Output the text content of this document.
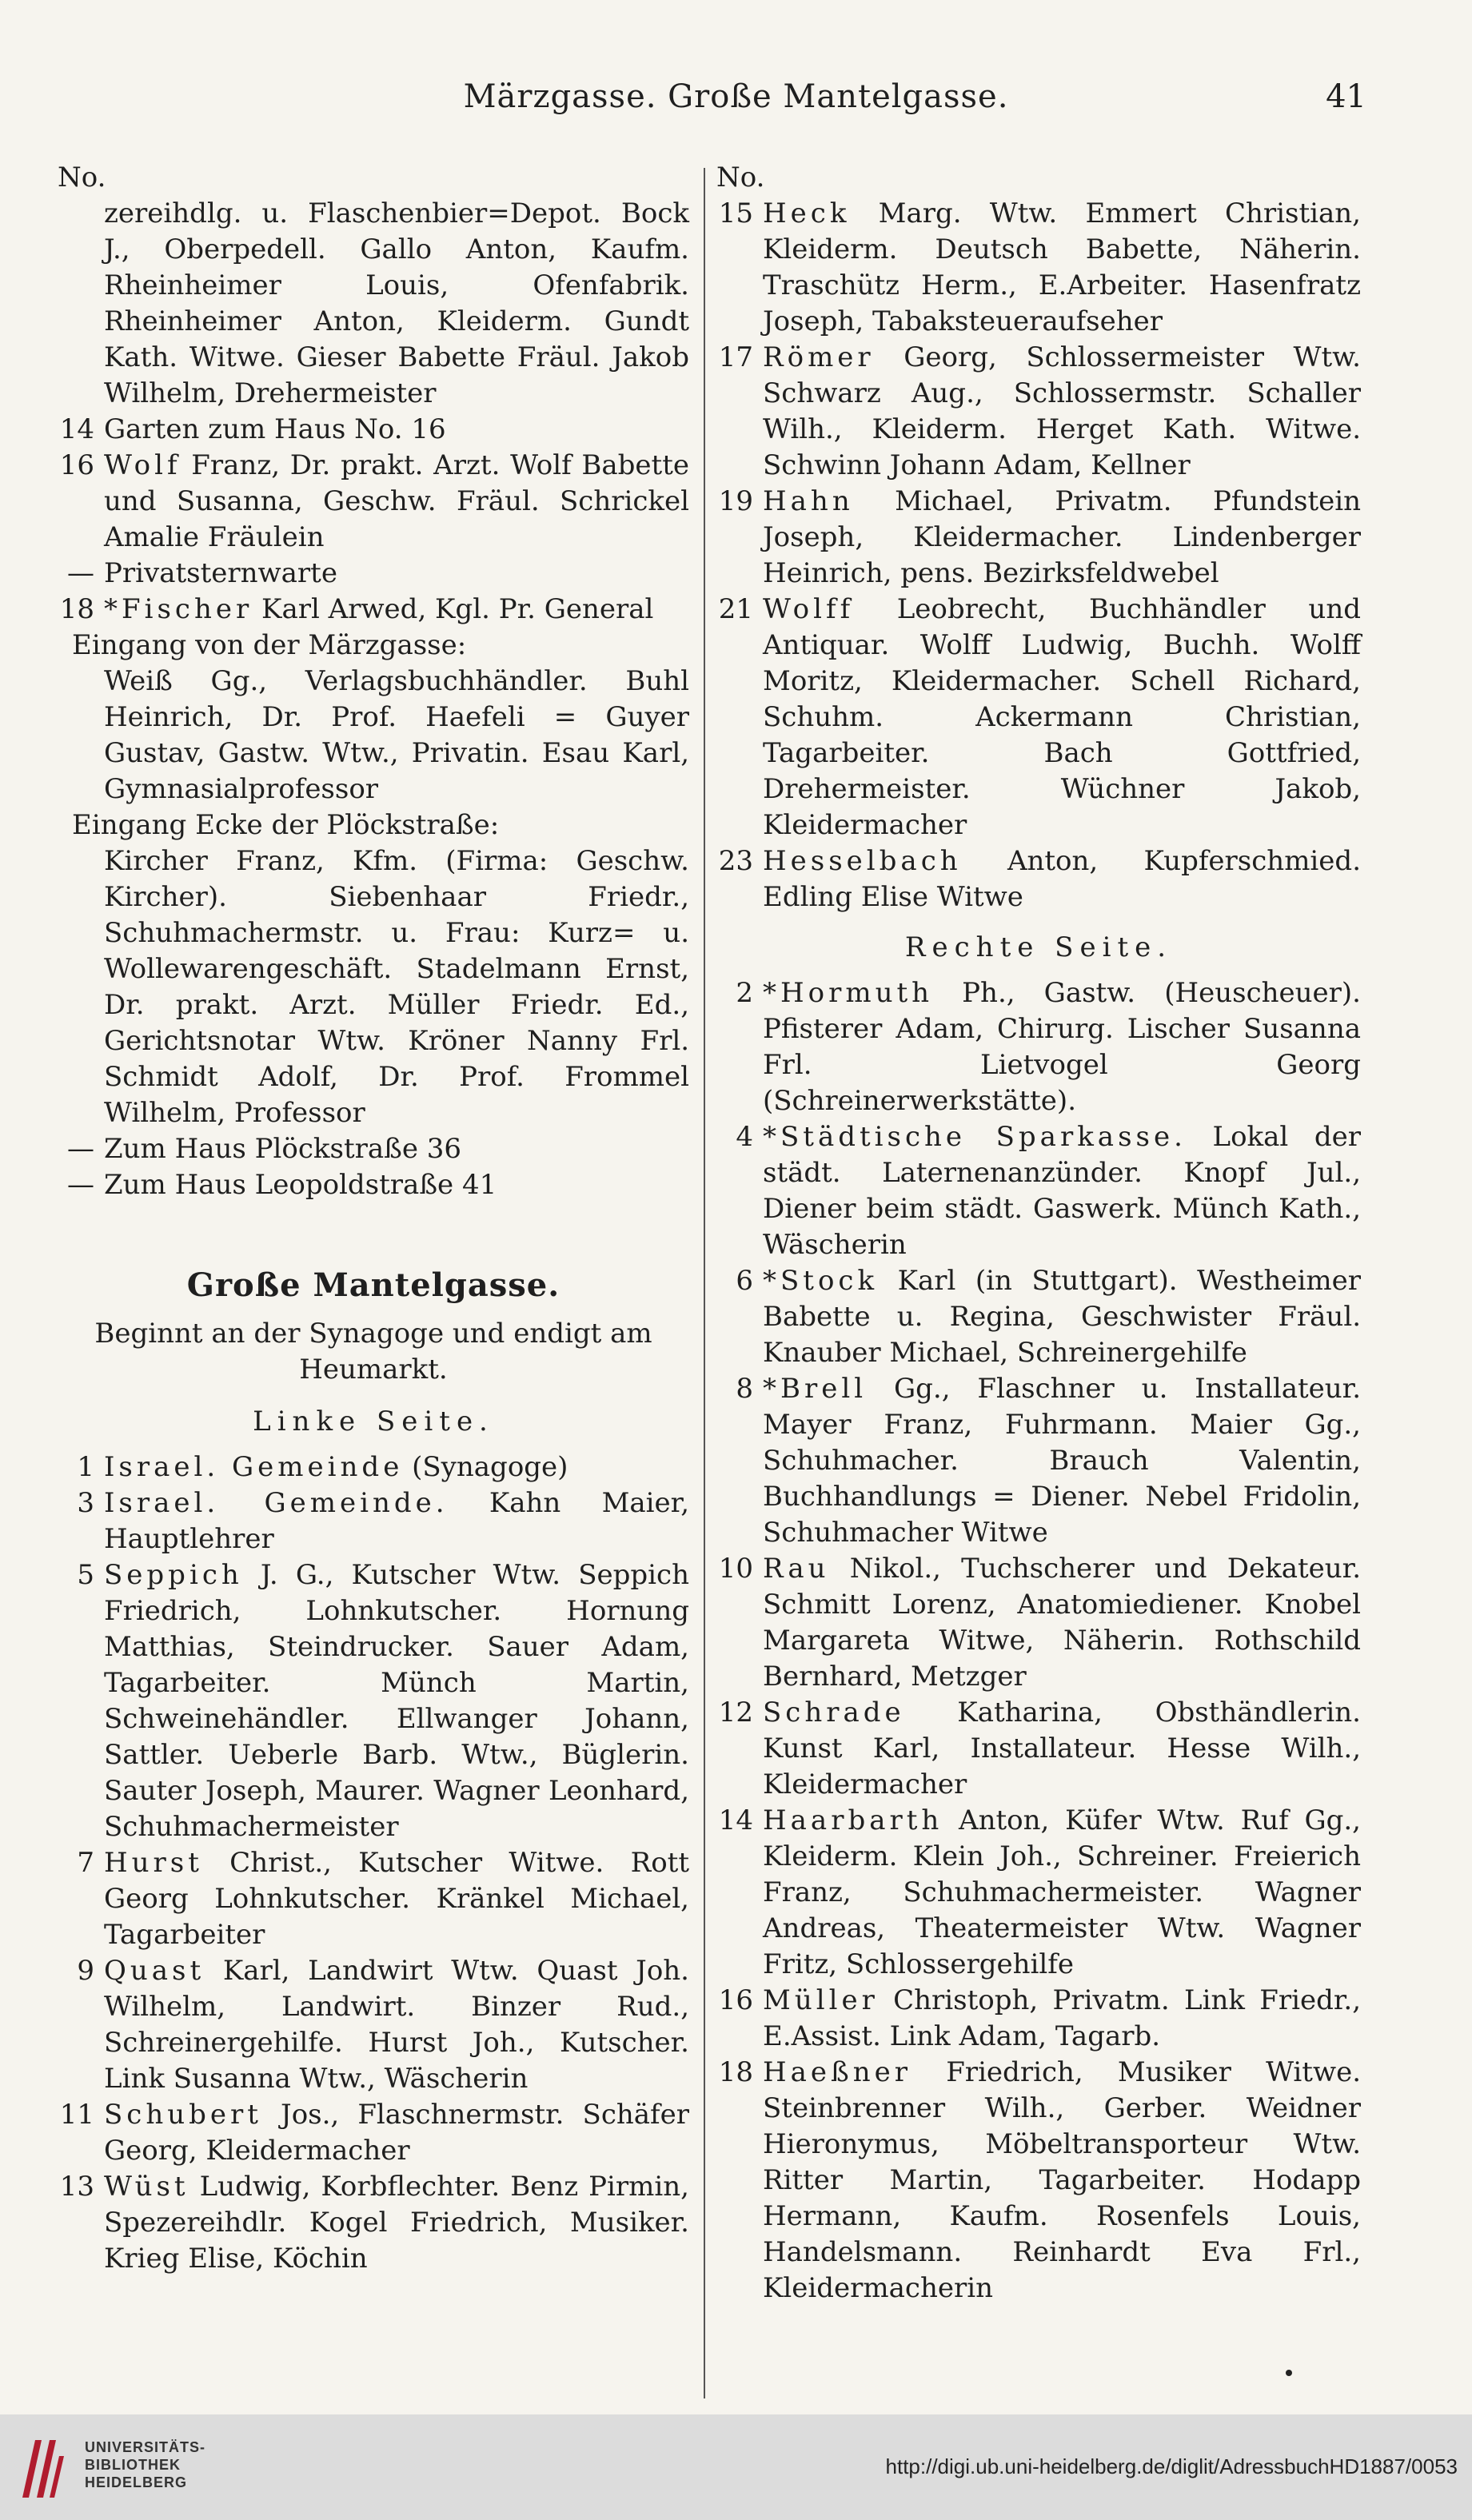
Märzgasse. Große Mantelgasse.	41
No.
zereihdlg. u. Flaschenbier=Depot. Bock J., Oberpedell. Gallo Anton, Kaufm. Rheinheimer Louis, Ofenfabrik. Rheinheimer Anton, Kleiderm. Gundt Kath. Witwe. Gieser Babette Fräul. Jakob Wilhelm, Drehermeister
14 Garten zum Haus No. 16
16 Wolf Franz, Dr. prakt. Arzt. Wolf Babette und Susanna, Geschw. Fräul. Schrickel Amalie Fräulein
— Privatsternwarte
18 *Fischer Karl Arwed, Kgl. Pr. General
Eingang von der Märzgasse:
Weiß Gg., Verlagsbuchhändler. Buhl Heinrich, Dr. Prof. Haefeli = Guyer Gustav, Gastw. Wtw., Privatin. Esau Karl, Gymnasialprofessor
Eingang Ecke der Plöckstraße:
Kircher Franz, Kfm. (Firma: Geschw. Kircher). Siebenhaar Friedr., Schuhmachermstr. u. Frau: Kurz= u. Wollewarengeschäft. Stadelmann Ernst, Dr. prakt. Arzt. Müller Friedr. Ed., Gerichtsnotar Wtw. Kröner Nanny Frl. Schmidt Adolf, Dr. Prof. Frommel Wilhelm, Professor
— Zum Haus Plöckstraße 36
— Zum Haus Leopoldstraße 41
Große Mantelgasse.
Beginnt an der Synagoge und endigt am Heumarkt.
Linke Seite.
1 Israel. Gemeinde (Synagoge)
3 Israel. Gemeinde. Kahn Maier, Hauptlehrer
5 Seppich J. G., Kutscher Wtw. Seppich Friedrich, Lohnkutscher. Hornung Matthias, Steindrucker. Sauer Adam, Tagarbeiter. Münch Martin, Schweinehändler. Ellwanger Johann, Sattler. Ueberle Barb. Wtw., Büglerin. Sauter Joseph, Maurer. Wagner Leonhard, Schuhmachermeister
7 Hurst Christ., Kutscher Witwe. Rott Georg Lohnkutscher. Kränkel Michael, Tagarbeiter
9 Quast Karl, Landwirt Wtw. Quast Joh. Wilhelm, Landwirt. Binzer Rud., Schreinergehilfe. Hurst Joh., Kutscher. Link Susanna Wtw., Wäscherin
11 Schubert Jos., Flaschnermstr. Schäfer Georg, Kleidermacher
13 Wüst Ludwig, Korbflechter. Benz Pirmin, Spezereihdlr. Kogel Friedrich, Musiker. Krieg Elise, Köchin
No.
15 Heck Marg. Wtw. Emmert Christian, Kleiderm. Deutsch Babette, Näherin. Traschütz Herm., E.Arbeiter. Hasenfratz Joseph, Tabaksteueraufseher
17 Römer Georg, Schlossermeister Wtw. Schwarz Aug., Schlossermstr. Schaller Wilh., Kleiderm. Herget Kath. Witwe. Schwinn Johann Adam, Kellner
19 Hahn Michael, Privatm. Pfundstein Joseph, Kleidermacher. Lindenberger Heinrich, pens. Bezirksfeldwebel
21 Wolff Leobrecht, Buchhändler und Antiquar. Wolff Ludwig, Buchh. Wolff Moritz, Kleidermacher. Schell Richard, Schuhm. Ackermann Christian, Tagarbeiter. Bach Gottfried, Drehermeister. Wüchner Jakob, Kleidermacher
23 Hesselbach Anton, Kupferschmied. Edling Elise Witwe
Rechte Seite.
2 *Hormuth Ph., Gastw. (Heuscheuer). Pfisterer Adam, Chirurg. Lischer Susanna Frl. Lietvogel Georg (Schreinerwerkstätte).
4 *Städtische Sparkasse. Lokal der städt. Laternenanzünder. Knopf Jul., Diener beim städt. Gaswerk. Münch Kath., Wäscherin
6 *Stock Karl (in Stuttgart). Westheimer Babette u. Regina, Geschwister Fräul. Knauber Michael, Schreinergehilfe
8 *Brell Gg., Flaschner u. Installateur. Mayer Franz, Fuhrmann. Maier Gg., Schuhmacher. Brauch Valentin, Buchhandlungs = Diener. Nebel Fridolin, Schuhmacher Witwe
10 Rau Nikol., Tuchscherer und Dekateur. Schmitt Lorenz, Anatomiediener. Knobel Margareta Witwe, Näherin. Rothschild Bernhard, Metzger
12 Schrade Katharina, Obsthändlerin. Kunst Karl, Installateur. Hesse Wilh., Kleidermacher
14 Haarbarth Anton, Küfer Wtw. Ruf Gg., Kleiderm. Klein Joh., Schreiner. Freierich Franz, Schuhmachermeister. Wagner Andreas, Theatermeister Wtw. Wagner Fritz, Schlossergehilfe
16 Müller Christoph, Privatm. Link Friedr., E.Assist. Link Adam, Tagarb.
18 Haeßner Friedrich, Musiker Witwe. Steinbrenner Wilh., Gerber. Weidner Hieronymus, Möbeltransporteur Wtw. Ritter Martin, Tagarbeiter. Hodapp Hermann, Kaufm. Rosenfels Louis, Handelsmann. Reinhardt Eva Frl., Kleidermacherin
UNIVERSITÄTS-
BIBLIOTHEK
HEIDELBERG
http://digi.ub.uni-heidelberg.de/diglit/AdressbuchHD1887/0053
